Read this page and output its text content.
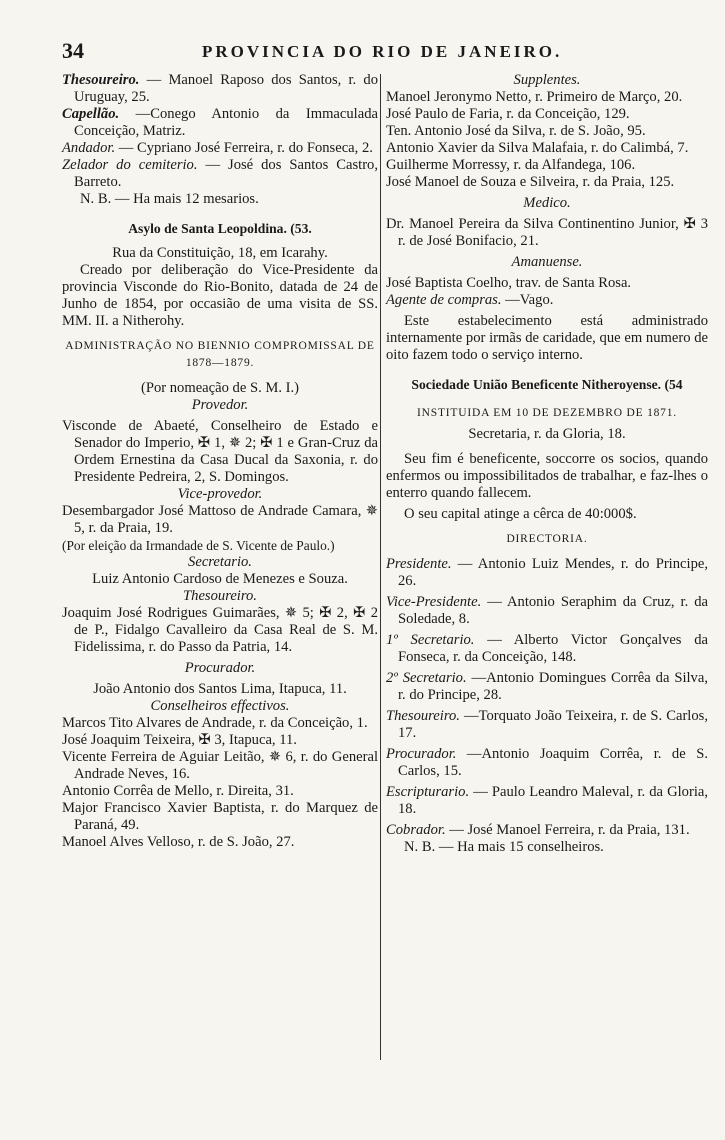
34	PROVINCIA DO RIO DE JANEIRO.

Thesoureiro. — Manoel Raposo dos Santos, r. do Uruguay, 25.

Capellão. —Conego Antonio da Immaculada Conceição, Matriz.

Andador. — Cypriano José Ferreira, r. do Fonseca, 2.

Zelador do cemiterio. — José dos Santos Castro, Barreto.

N. B. — Ha mais 12 mesarios.

Asylo de Santa Leopoldina. (53.

Rua da Constituição, 18, em Icarahy.

Creado por deliberação do Vice-Presidente da provincia Visconde do Rio-Bonito, datada de 24 de Junho de 1854, por occasião de uma visita de SS. MM. II. a Nitherohy.

ADMINISTRAÇÃO NO BIENNIO COMPROMISSAL DE 1878—1879.

(Por nomeação de S. M. I.)

Provedor.

Visconde de Abaeté, Conselheiro de Estado e Senador do Imperio, ✠ 1, ✵ 2; ✠ 1 e Gran-Cruz da Ordem Ernestina da Casa Ducal da Saxonia, r. do Presidente Pedreira, 2, S. Domingos.

Vice-provedor.

Desembargador José Mattoso de Andrade Camara, ✵ 5, r. da Praia, 19.

(Por eleição da Irmandade de S. Vicente de Paulo.)

Secretario.

Luiz Antonio Cardoso de Menezes e Souza.

Thesoureiro.

Joaquim José Rodrigues Guimarães, ✵ 5; ✠ 2, ✠ 2 de P., Fidalgo Cavalleiro da Casa Real de S. M. Fidelissima, r. do Passo da Patria, 14.

Procurador.

João Antonio dos Santos Lima, Itapuca, 11.

Conselheiros effectivos.

Marcos Tito Alvares de Andrade, r. da Conceição, 1.

José Joaquim Teixeira, ✠ 3, Itapuca, 11.

Vicente Ferreira de Aguiar Leitão, ✵ 6, r. do General Andrade Neves, 16.

Antonio Corrêa de Mello, r. Direita, 31.

Major Francisco Xavier Baptista, r. do Marquez de Paraná, 49.

Manoel Alves Velloso, r. de S. João, 27.

Supplentes.

Manoel Jeronymo Netto, r. Primeiro de Março, 20.

José Paulo de Faria, r. da Conceição, 129.

Ten. Antonio José da Silva, r. de S. João, 95.

Antonio Xavier da Silva Malafaia, r. do Calimbá, 7.

Guilherme Morressy, r. da Alfandega, 106.

José Manoel de Souza e Silveira, r. da Praia, 125.

Medico.

Dr. Manoel Pereira da Silva Continentino Junior, ✠ 3 r. de José Bonifacio, 21.

Amanuense.

José Baptista Coelho, trav. de Santa Rosa.

Agente de compras. —Vago.

Este estabelecimento está administrado internamente por irmãs de caridade, que em numero de oito fazem todo o serviço interno.

Sociedade União Beneficente Nitheroyense. (54

INSTITUIDA EM 10 DE DEZEMBRO DE 1871.

Secretaria, r. da Gloria, 18.

Seu fim é beneficente, soccorre os socios, quando enfermos ou impossibilitados de trabalhar, e faz-lhes o enterro quando fallecem.

O seu capital atinge a cêrca de 40:000$.

DIRECTORIA.

Presidente. — Antonio Luiz Mendes, r. do Principe, 26.

Vice-Presidente. — Antonio Seraphim da Cruz, r. da Soledade, 8.

1º Secretario. — Alberto Victor Gonçalves da Fonseca, r. da Conceição, 148.

2º Secretario. —Antonio Domingues Corrêa da Silva, r. do Principe, 28.

Thesoureiro. —Torquato João Teixeira, r. de S. Carlos, 17.

Procurador. —Antonio Joaquim Corrêa, r. de S. Carlos, 15.

Escripturario. — Paulo Leandro Maleval, r. da Gloria, 18.

Cobrador. — José Manoel Ferreira, r. da Praia, 131.

N. B. — Ha mais 15 conselheiros.
